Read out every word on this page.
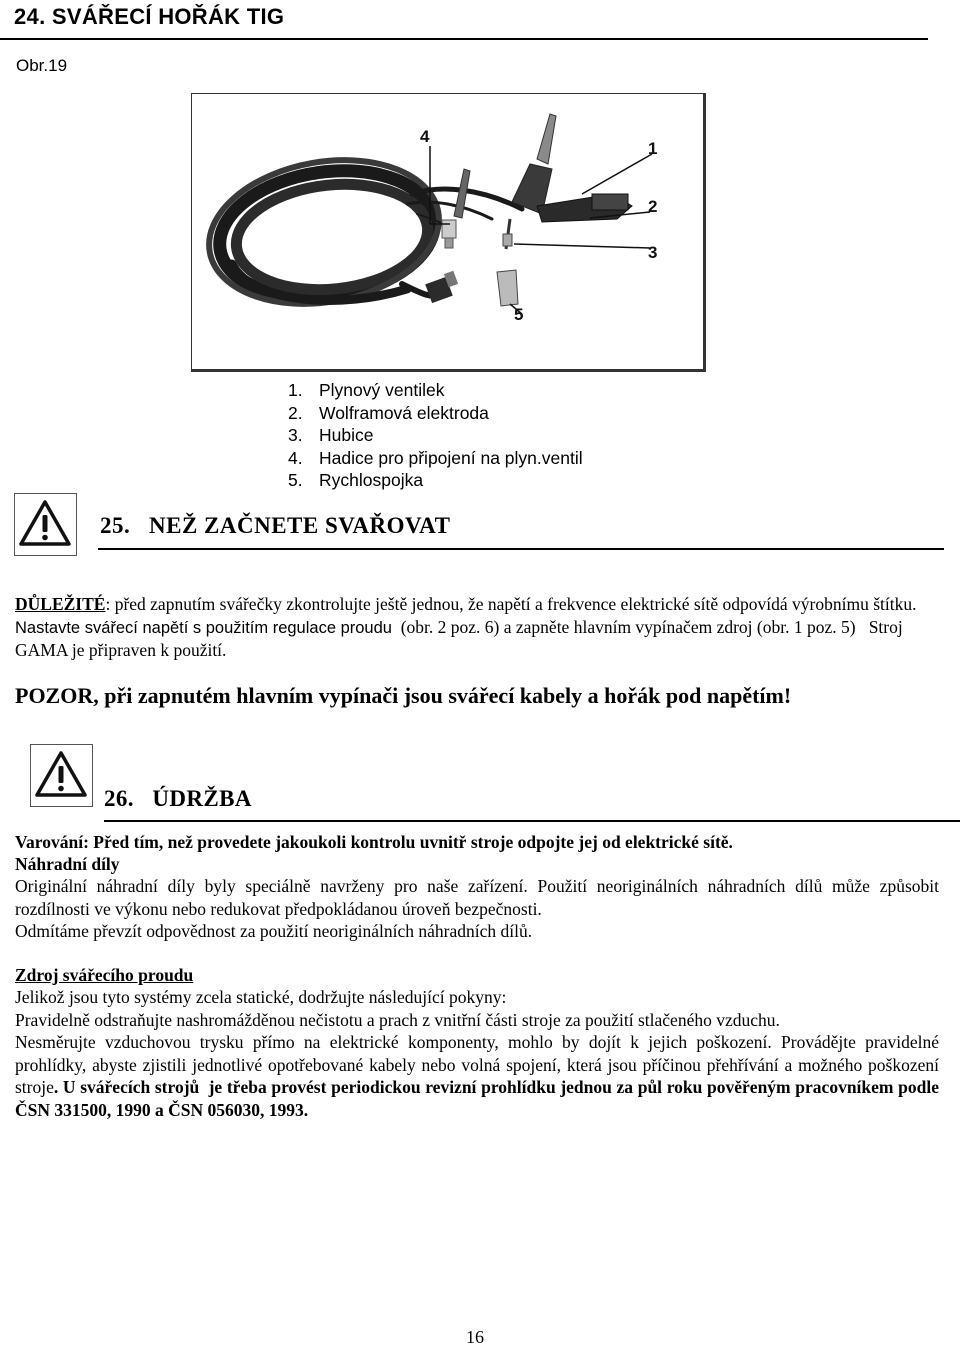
24. SVÁŘECÍ HOŘÁK TIG
Obr.19
4
1
2
3
5
1. Plynový ventilek
2. Wolframová elektroda
3. Hubice
4. Hadice pro připojení na plyn.ventil
5. Rychlospojka
25.   NEŽ ZAČNETE SVAŘOVAT
DŮLEŽITÉ: před zapnutím svářečky zkontrolujte ještě jednou, že napětí a frekvence elektrické sítě odpovídá výrobnímu štítku. Nastavte svářecí napětí s použitím regulace proudu  (obr. 2 poz. 6) a zapněte hlavním vypínačem zdroj (obr. 1 poz. 5)   Stroj GAMA je připraven k použití.
POZOR, při zapnutém hlavním vypínači jsou svářecí kabely a hořák pod napětím!
26.   ÚDRŽBA
Varování: Před tím, než provedete jakoukoli kontrolu uvnitř stroje odpojte jej od elektrické sítě.
Náhradní díly
Originální náhradní díly byly speciálně navrženy pro naše zařízení. Použití neoriginálních náhradních dílů může způsobit rozdílnosti ve výkonu nebo redukovat předpokládanou úroveň bezpečnosti.
Odmítáme převzít odpovědnost za použití neoriginálních náhradních dílů.
Zdroj svářecího proudu
Jelikož jsou tyto systémy zcela statické, dodržujte následující pokyny:
Pravidelně odstraňujte nashromážděnou nečistotu a prach z vnitřní části stroje za použití stlačeného vzduchu.
Nesměrujte vzduchovou trysku přímo na elektrické komponenty, mohlo by dojít k jejich poškození. Provádějte pravidelné prohlídky, abyste zjistili jednotlivé opotřebované kabely nebo volná spojení, která jsou příčinou přehřívání a možného poškození stroje. U svářecích strojů  je třeba provést periodickou revizní prohlídku jednou za půl roku pověřeným pracovníkem podle ČSN 331500, 1990 a ČSN 056030, 1993.
16
